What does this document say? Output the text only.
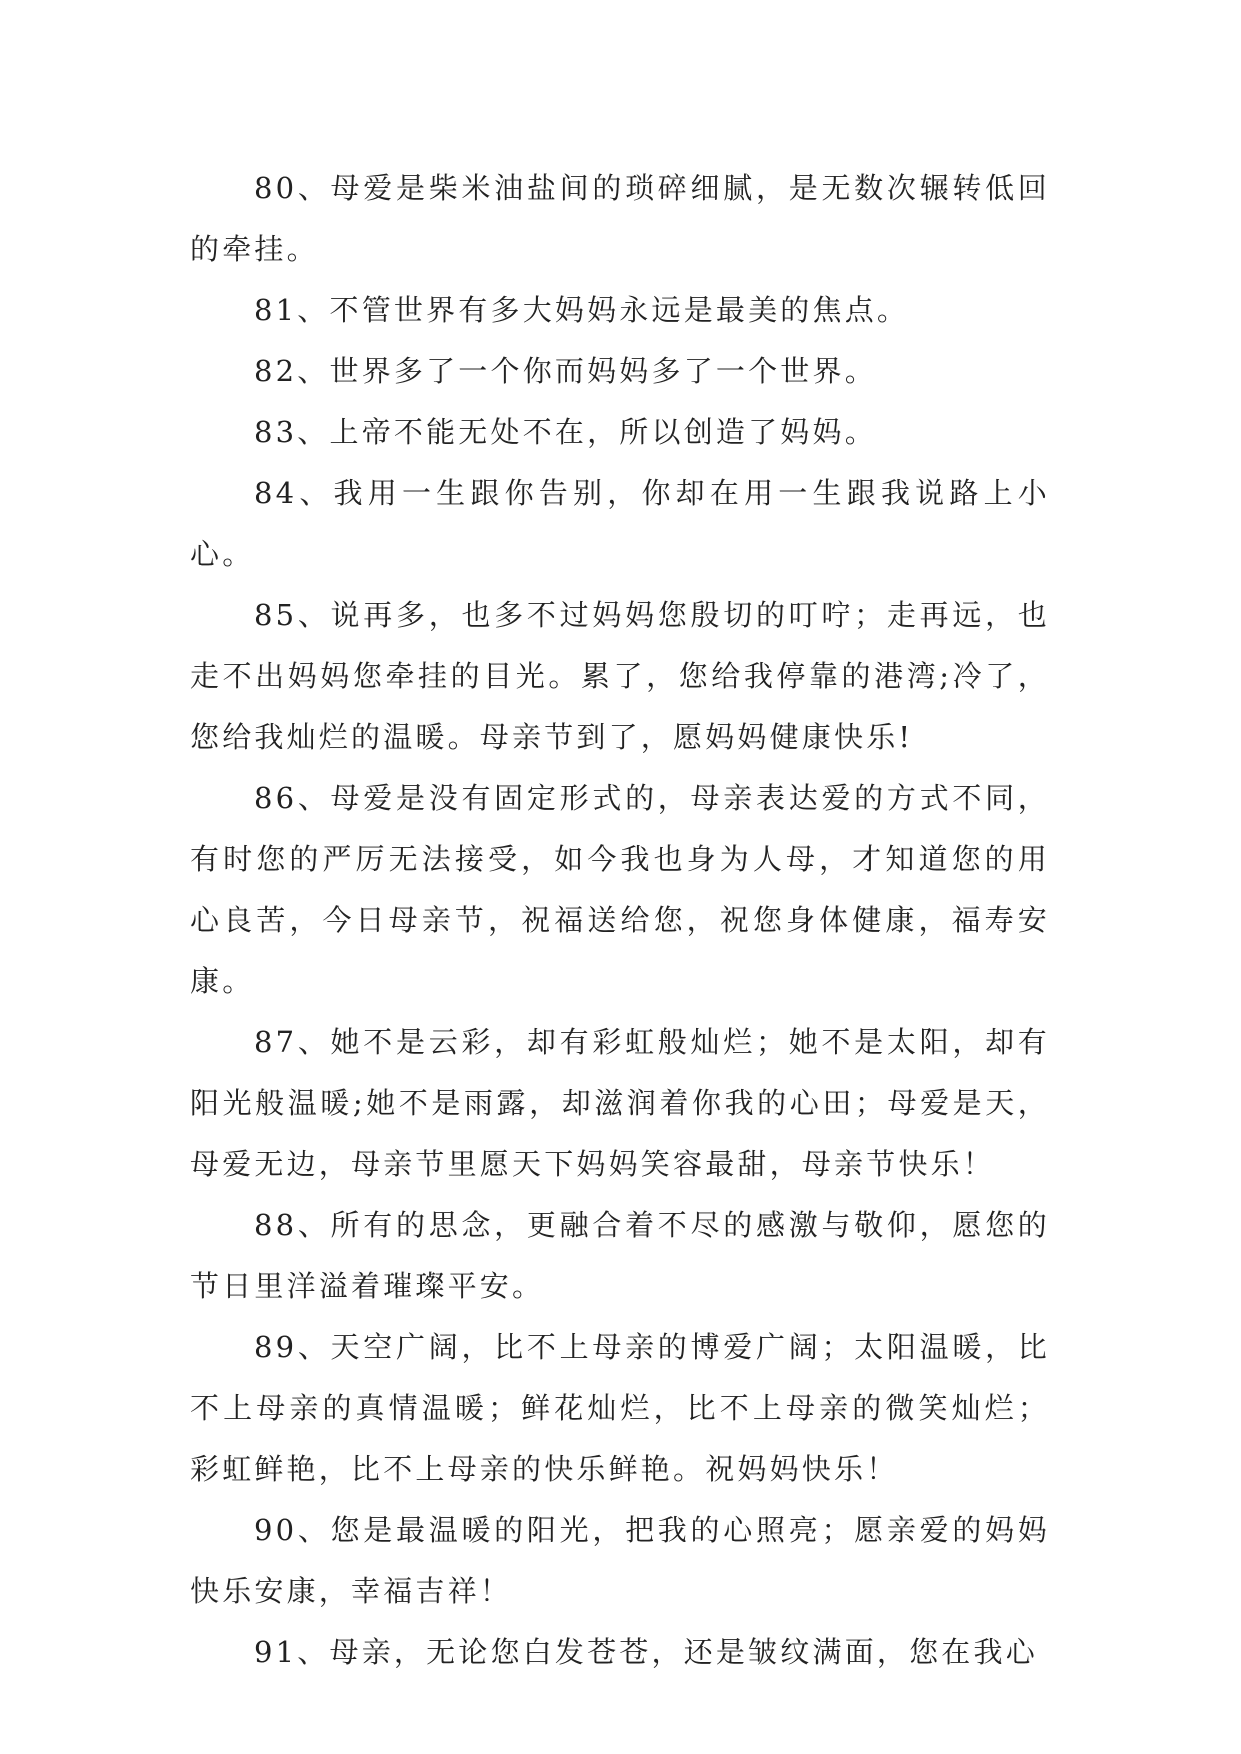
80、母爱是柴米油盐间的琐碎细腻，是无数次辗转低回的牵挂。

81、不管世界有多大妈妈永远是最美的焦点。

82、世界多了一个你而妈妈多了一个世界。

83、上帝不能无处不在，所以创造了妈妈。

84、我用一生跟你告别，你却在用一生跟我说路上小心。

85、说再多，也多不过妈妈您殷切的叮咛；走再远，也走不出妈妈您牵挂的目光。累了，您给我停靠的港湾;冷了，您给我灿烂的温暖。母亲节到了，愿妈妈健康快乐!

86、母爱是没有固定形式的，母亲表达爱的方式不同，有时您的严厉无法接受，如今我也身为人母，才知道您的用心良苦，今日母亲节，祝福送给您，祝您身体健康，福寿安康。

87、她不是云彩，却有彩虹般灿烂；她不是太阳，却有阳光般温暖;她不是雨露，却滋润着你我的心田；母爱是天，母爱无边，母亲节里愿天下妈妈笑容最甜，母亲节快乐！

88、所有的思念，更融合着不尽的感激与敬仰，愿您的节日里洋溢着璀璨平安。

89、天空广阔，比不上母亲的博爱广阔；太阳温暖，比不上母亲的真情温暖；鲜花灿烂，比不上母亲的微笑灿烂；彩虹鲜艳，比不上母亲的快乐鲜艳。祝妈妈快乐！

90、您是最温暖的阳光，把我的心照亮；愿亲爱的妈妈快乐安康，幸福吉祥！

91、母亲，无论您白发苍苍，还是皱纹满面，您在我心
